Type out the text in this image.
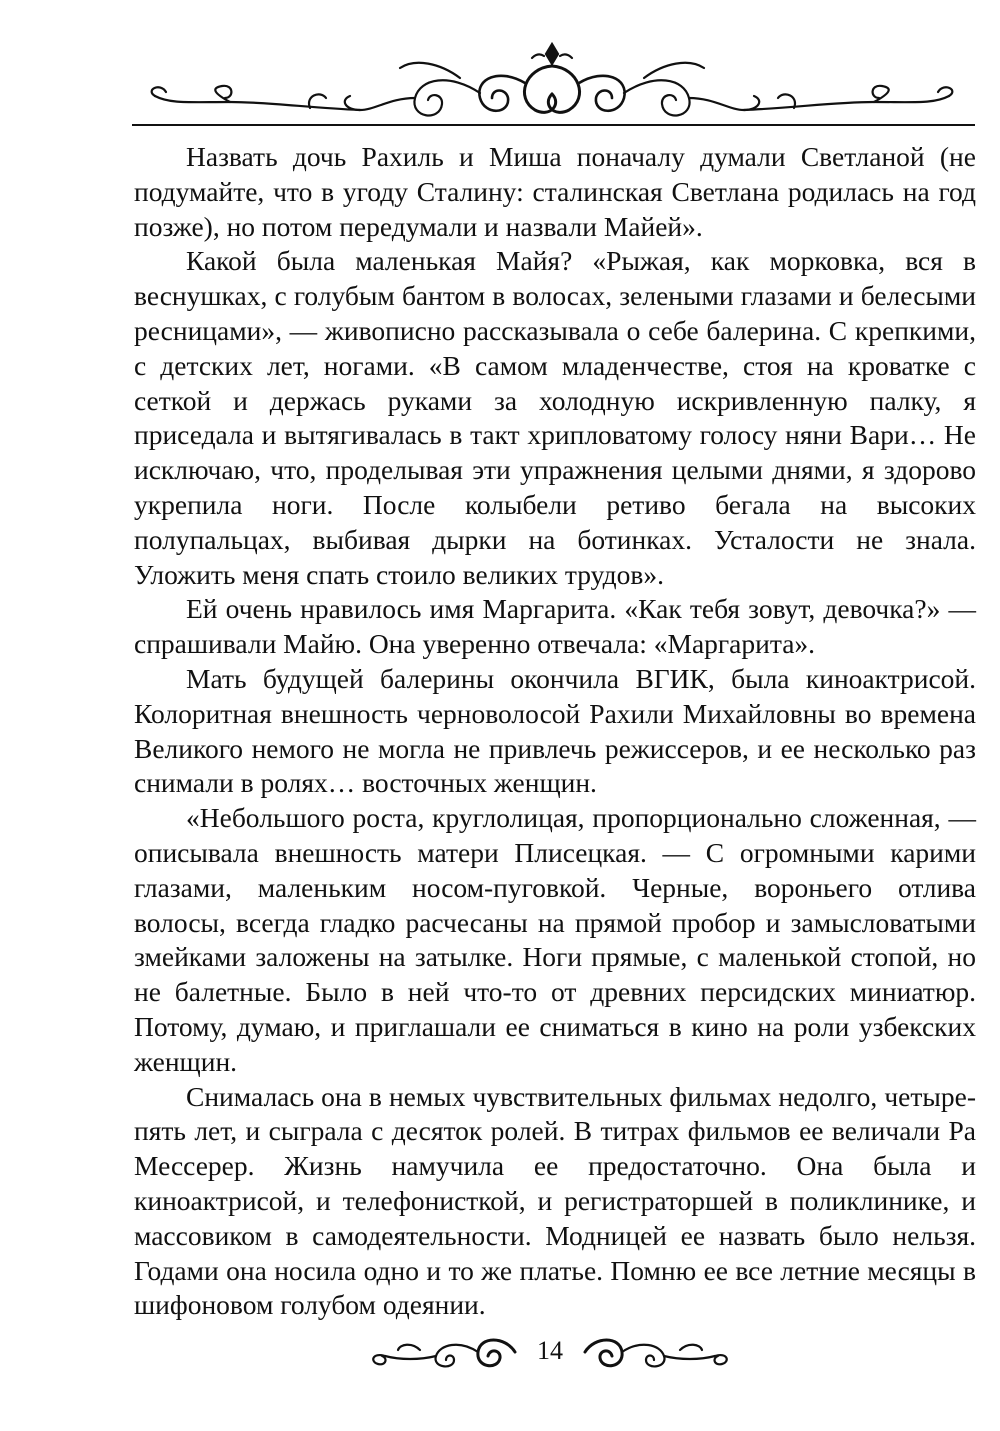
Назвать дочь Рахиль и Миша поначалу думали Светланой (не подумайте, что в угоду Сталину: сталинская Светлана родилась на год позже), но потом передумали и назвали Майей».

Какой была маленькая Майя? «Рыжая, как морковка, вся в веснушках, с голубым бантом в волосах, зелеными глазами и белесыми ресницами», — живописно рассказывала о себе балерина. С крепкими, с детских лет, ногами. «В самом младенчестве, стоя на кроватке с сеткой и держась руками за холодную искривленную палку, я приседала и вытягивалась в такт хрипловатому голосу няни Вари… Не исключаю, что, проделывая эти упражнения целыми днями, я здорово укрепила ноги. После колыбели ретиво бегала на высоких полупальцах, выбивая дырки на ботинках. Усталости не знала. Уложить меня спать стоило великих трудов».

Ей очень нравилось имя Маргарита. «Как тебя зовут, девочка?» — спрашивали Майю. Она уверенно отвечала: «Маргарита».

Мать будущей балерины окончила ВГИК, была киноактрисой. Колоритная внешность черноволосой Рахили Михайловны во времена Великого немого не могла не привлечь режиссеров, и ее несколько раз снимали в ролях… восточных женщин.

«Небольшого роста, круглолицая, пропорционально сложенная, — описывала внешность матери Плисецкая. — С огромными карими глазами, маленьким носом-пуговкой. Черные, вороньего отлива волосы, всегда гладко расчесаны на прямой пробор и замысловатыми змейками заложены на затылке. Ноги прямые, с маленькой стопой, но не балетные. Было в ней что-то от древних персидских миниатюр. Потому, думаю, и приглашали ее сниматься в кино на роли узбекских женщин.

Снималась она в немых чувствительных фильмах недолго, четыре-пять лет, и сыграла с десяток ролей. В титрах фильмов ее величали Ра Мессерер. Жизнь намучила ее предостаточно. Она была и киноактрисой, и телефонисткой, и регистраторшей в поликлинике, и массовиком в самодеятельности. Модницей ее назвать было нельзя. Годами она носила одно и то же платье. Помню ее все летние месяцы в шифоновом голубом одеянии.

14
